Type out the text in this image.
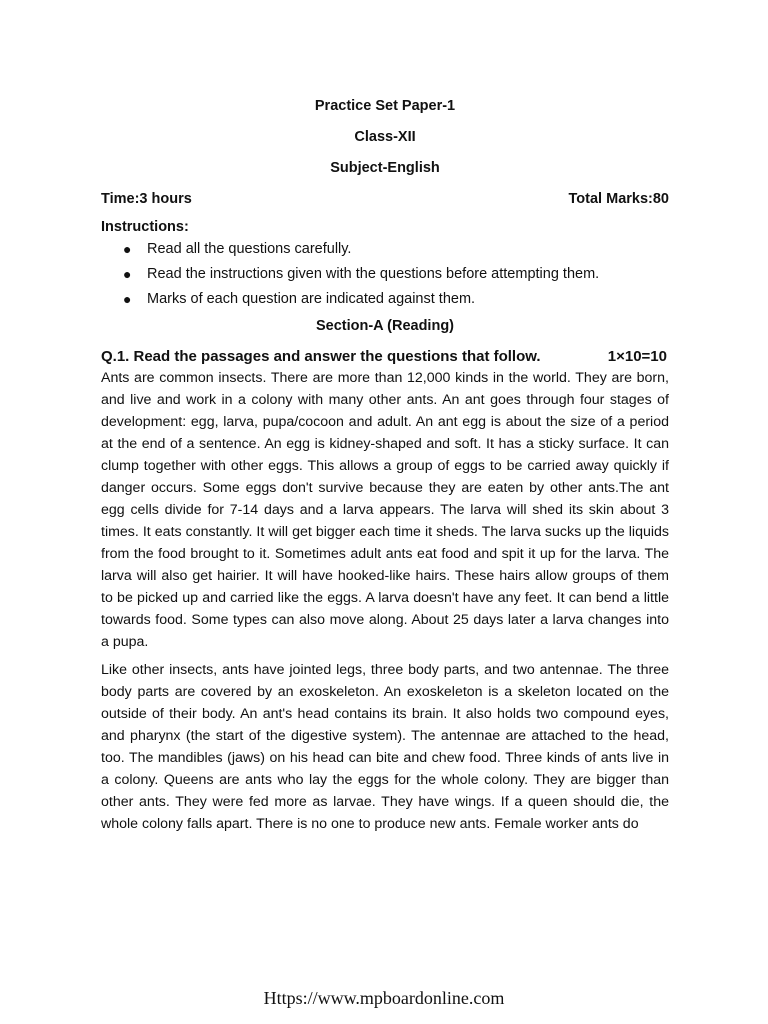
Practice Set Paper-1
Class-XII
Subject-English
Time:3 hours	Total Marks:80
Instructions:
● Read all the questions carefully.
● Read the instructions given with the questions before attempting them.
● Marks of each question are indicated against them.
Section-A (Reading)
Q.1. Read the passages and answer the questions that follow.	1×10=10

Ants are common insects. There are more than 12,000 kinds in the world. They are born, and live and work in a colony with many other ants. An ant goes through four stages of development: egg, larva, pupa/cocoon and adult. An ant egg is about the size of a period at the end of a sentence. An egg is kidney-shaped and soft. It has a sticky surface. It can clump together with other eggs. This allows a group of eggs to be carried away quickly if danger occurs. Some eggs don't survive because they are eaten by other ants.The ant egg cells divide for 7-14 days and a larva appears. The larva will shed its skin about 3 times. It eats constantly. It will get bigger each time it sheds. The larva sucks up the liquids from the food brought to it. Sometimes adult ants eat food and spit it up for the larva. The larva will also get hairier. It will have hooked-like hairs. These hairs allow groups of them to be picked up and carried like the eggs. A larva doesn't have any feet. It can bend a little towards food. Some types can also move along. About 25 days later a larva changes into a pupa.

Like other insects, ants have jointed legs, three body parts, and two antennae. The three body parts are covered by an exoskeleton. An exoskeleton is a skeleton located on the outside of their body. An ant's head contains its brain. It also holds two compound eyes, and pharynx (the start of the digestive system). The antennae are attached to the head, too. The mandibles (jaws) on his head can bite and chew food. Three kinds of ants live in a colony. Queens are ants who lay the eggs for the whole colony. They are bigger than other ants. They were fed more as larvae. They have wings. If a queen should die, the whole colony falls apart. There is no one to produce new ants. Female worker ants do

Https://www.mpboardonline.com
